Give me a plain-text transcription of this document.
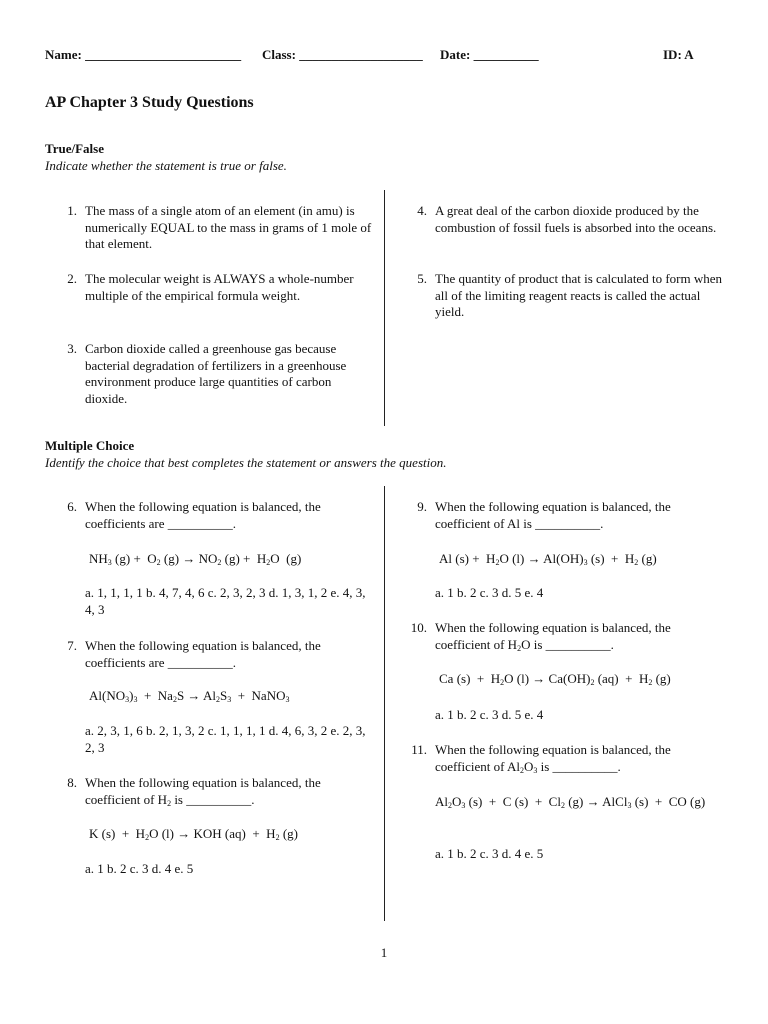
Name: ________________________ Class: ___________________ Date: __________	ID: A
AP Chapter 3 Study Questions
True/False
Indicate whether the statement is true or false.
1. The mass of a single atom of an element (in amu) is numerically EQUAL to the mass in grams of 1 mole of that element.
2. The molecular weight is ALWAYS a whole-number multiple of the empirical formula weight.
3. Carbon dioxide called a greenhouse gas because bacterial degradation of fertilizers in a greenhouse environment produce large quantities of carbon dioxide.
4. A great deal of the carbon dioxide produced by the combustion of fossil fuels is absorbed into the oceans.
5. The quantity of product that is calculated to form when all of the limiting reagent reacts is called the actual yield.
Multiple Choice
Identify the choice that best completes the statement or answers the question.
6. When the following equation is balanced, the coefficients are __________.
$NH_3$ $(g) + O_2$ $(g) \to NO_2$ $(g) + H_2O$  (g)
a. 1, 1, 1, 1 b. 4, 7, 4, 6 c. 2, 3, 2, 3 d. 1, 3, 1, 2 e. 4, 3, 4, 3
7. When the following equation is balanced, the coefficients are __________.
$Al(NO_3)_3 + Na_2S \to Al_2S_3$  +  NaNO$_3$
a. 2, 3, 1, 6 b. 2, 1, 3, 2 c. 1, 1, 1, 1 d. 4, 6, 3, 2 e. 2, 3, 2, 3
8. When the following equation is balanced, the coefficient of $H_2$ is __________.
K $(s) + H_2O$ (l) → KOH $(aq) + H_2$ (g)
a. 1 b. 2 c. 3 d. 4 e. 5
9. When the following equation is balanced, the coefficient of Al is __________.
Al $(s) + H_2O$ $(l) \to Al(OH)_3$ $(s) + H_2$ (g)
a. 1 b. 2 c. 3 d. 5 e. 4
10. When the following equation is balanced, the coefficient of $H_2O$ is __________.
Ca $(s) + H_2O$ $(l) \to Ca(OH)_2$ $(aq) + H_2$ (g)
a. 1 b. 2 c. 3 d. 5 e. 4
11. When the following equation is balanced, the coefficient of $Al_2O_3$ is __________.
$Al_2O_3$ (s)  +  C $(s) + Cl_2$ (g) → AlCl$_3$ (s)  +  CO (g)
a. 1 b. 2 c. 3 d. 4 e. 5
1
